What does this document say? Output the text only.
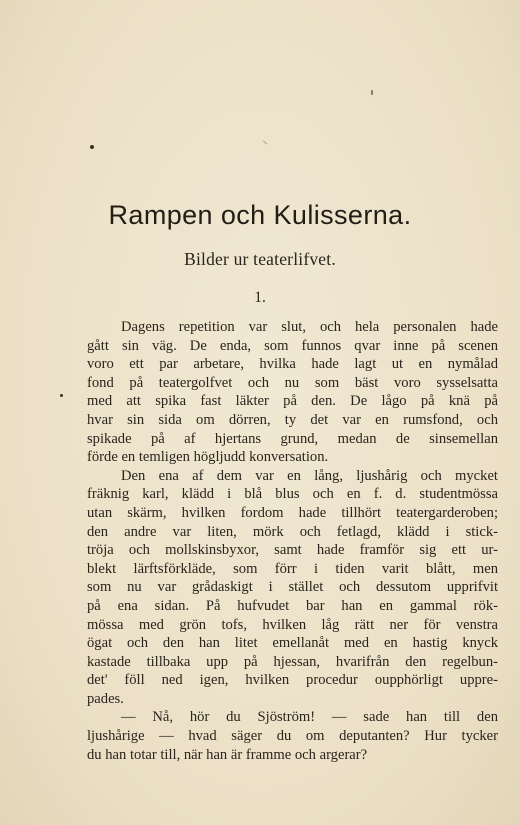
Rampen och Kulisserna.
Bilder ur teaterlifvet.
1.
Dagens repetition var slut, och hela personalen hade
gått sin väg. De enda, som funnos qvar inne på scenen
voro ett par arbetare, hvilka hade lagt ut en nymålad
fond på teatergolfvet och nu som bäst voro sysselsatta
med att spika fast läkter på den. De lågo på knä på
hvar sin sida om dörren, ty det var en rumsfond, och
spikade på af hjertans grund, medan de sinsemellan
förde en temligen högljudd konversation.
Den ena af dem var en lång, ljushårig och mycket
fräknig karl, klädd i blå blus och en f. d. studentmössa
utan skärm, hvilken fordom hade tillhört teatergarderoben;
den andre var liten, mörk och fetlagd, klädd i stick-
tröja och mollskinsbyxor, samt hade framför sig ett ur-
blekt lärftsförkläde, som förr i tiden varit blått, men
som nu var grådaskigt i stället och dessutom upprifvit
på ena sidan. På hufvudet bar han en gammal rök-
mössa med grön tofs, hvilken låg rätt ner för venstra
ögat och den han litet emellanåt med en hastig knyck
kastade tillbaka upp på hjessan, hvarifrån den regelbun-
det' föll ned igen, hvilken procedur oupphörligt uppre-
pades.
— Nå, hör du Sjöström! — sade han till den
ljushårige — hvad säger du om deputanten? Hur tycker
du han totar till, när han är framme och argerar?
